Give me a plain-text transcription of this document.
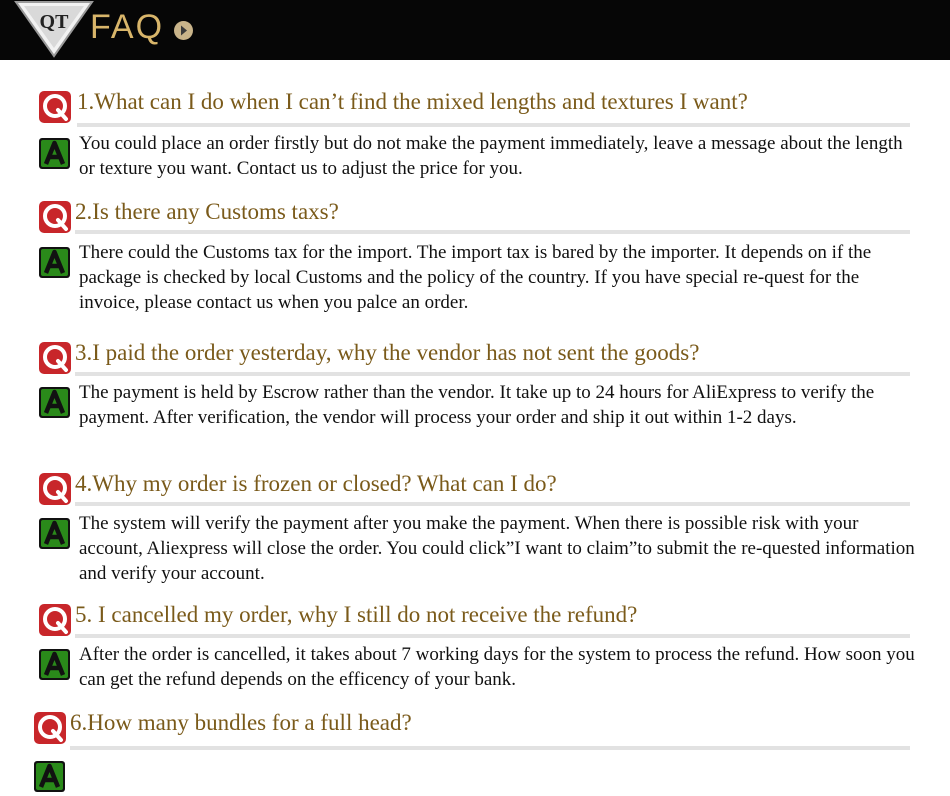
QT FAQ
1.What can I do when I can’t find the mixed lengths and textures I want?
You could place an order firstly but do not make the payment immediately, leave a message about the length or texture you want. Contact us to adjust the price for you.
2.Is there any Customs taxs?
There could the Customs tax for the import. The import tax is bared by the importer. It depends on if the package is checked by local Customs and the policy of the country. If you have special re-quest for the invoice, please contact us when you palce an order.
3.I paid the order yesterday, why the vendor has not sent the goods?
The payment is held by Escrow rather than the vendor. It take up to 24 hours for AliExpress to verify the payment. After verification, the vendor will process your order and ship it out within 1-2 days.
4.Why my order is frozen or closed? What can I do?
The system will verify the payment after you make the payment. When there is possible risk with your account, Aliexpress will close the order. You could click”I want to claim”to submit the re-quested information and verify your account.
5. I cancelled my order, why I still do not receive the refund?
After the order is cancelled, it takes about 7 working days for the system to process the refund. How soon you can get the refund depends on the efficency of your bank.
6.How many bundles for a full head?
